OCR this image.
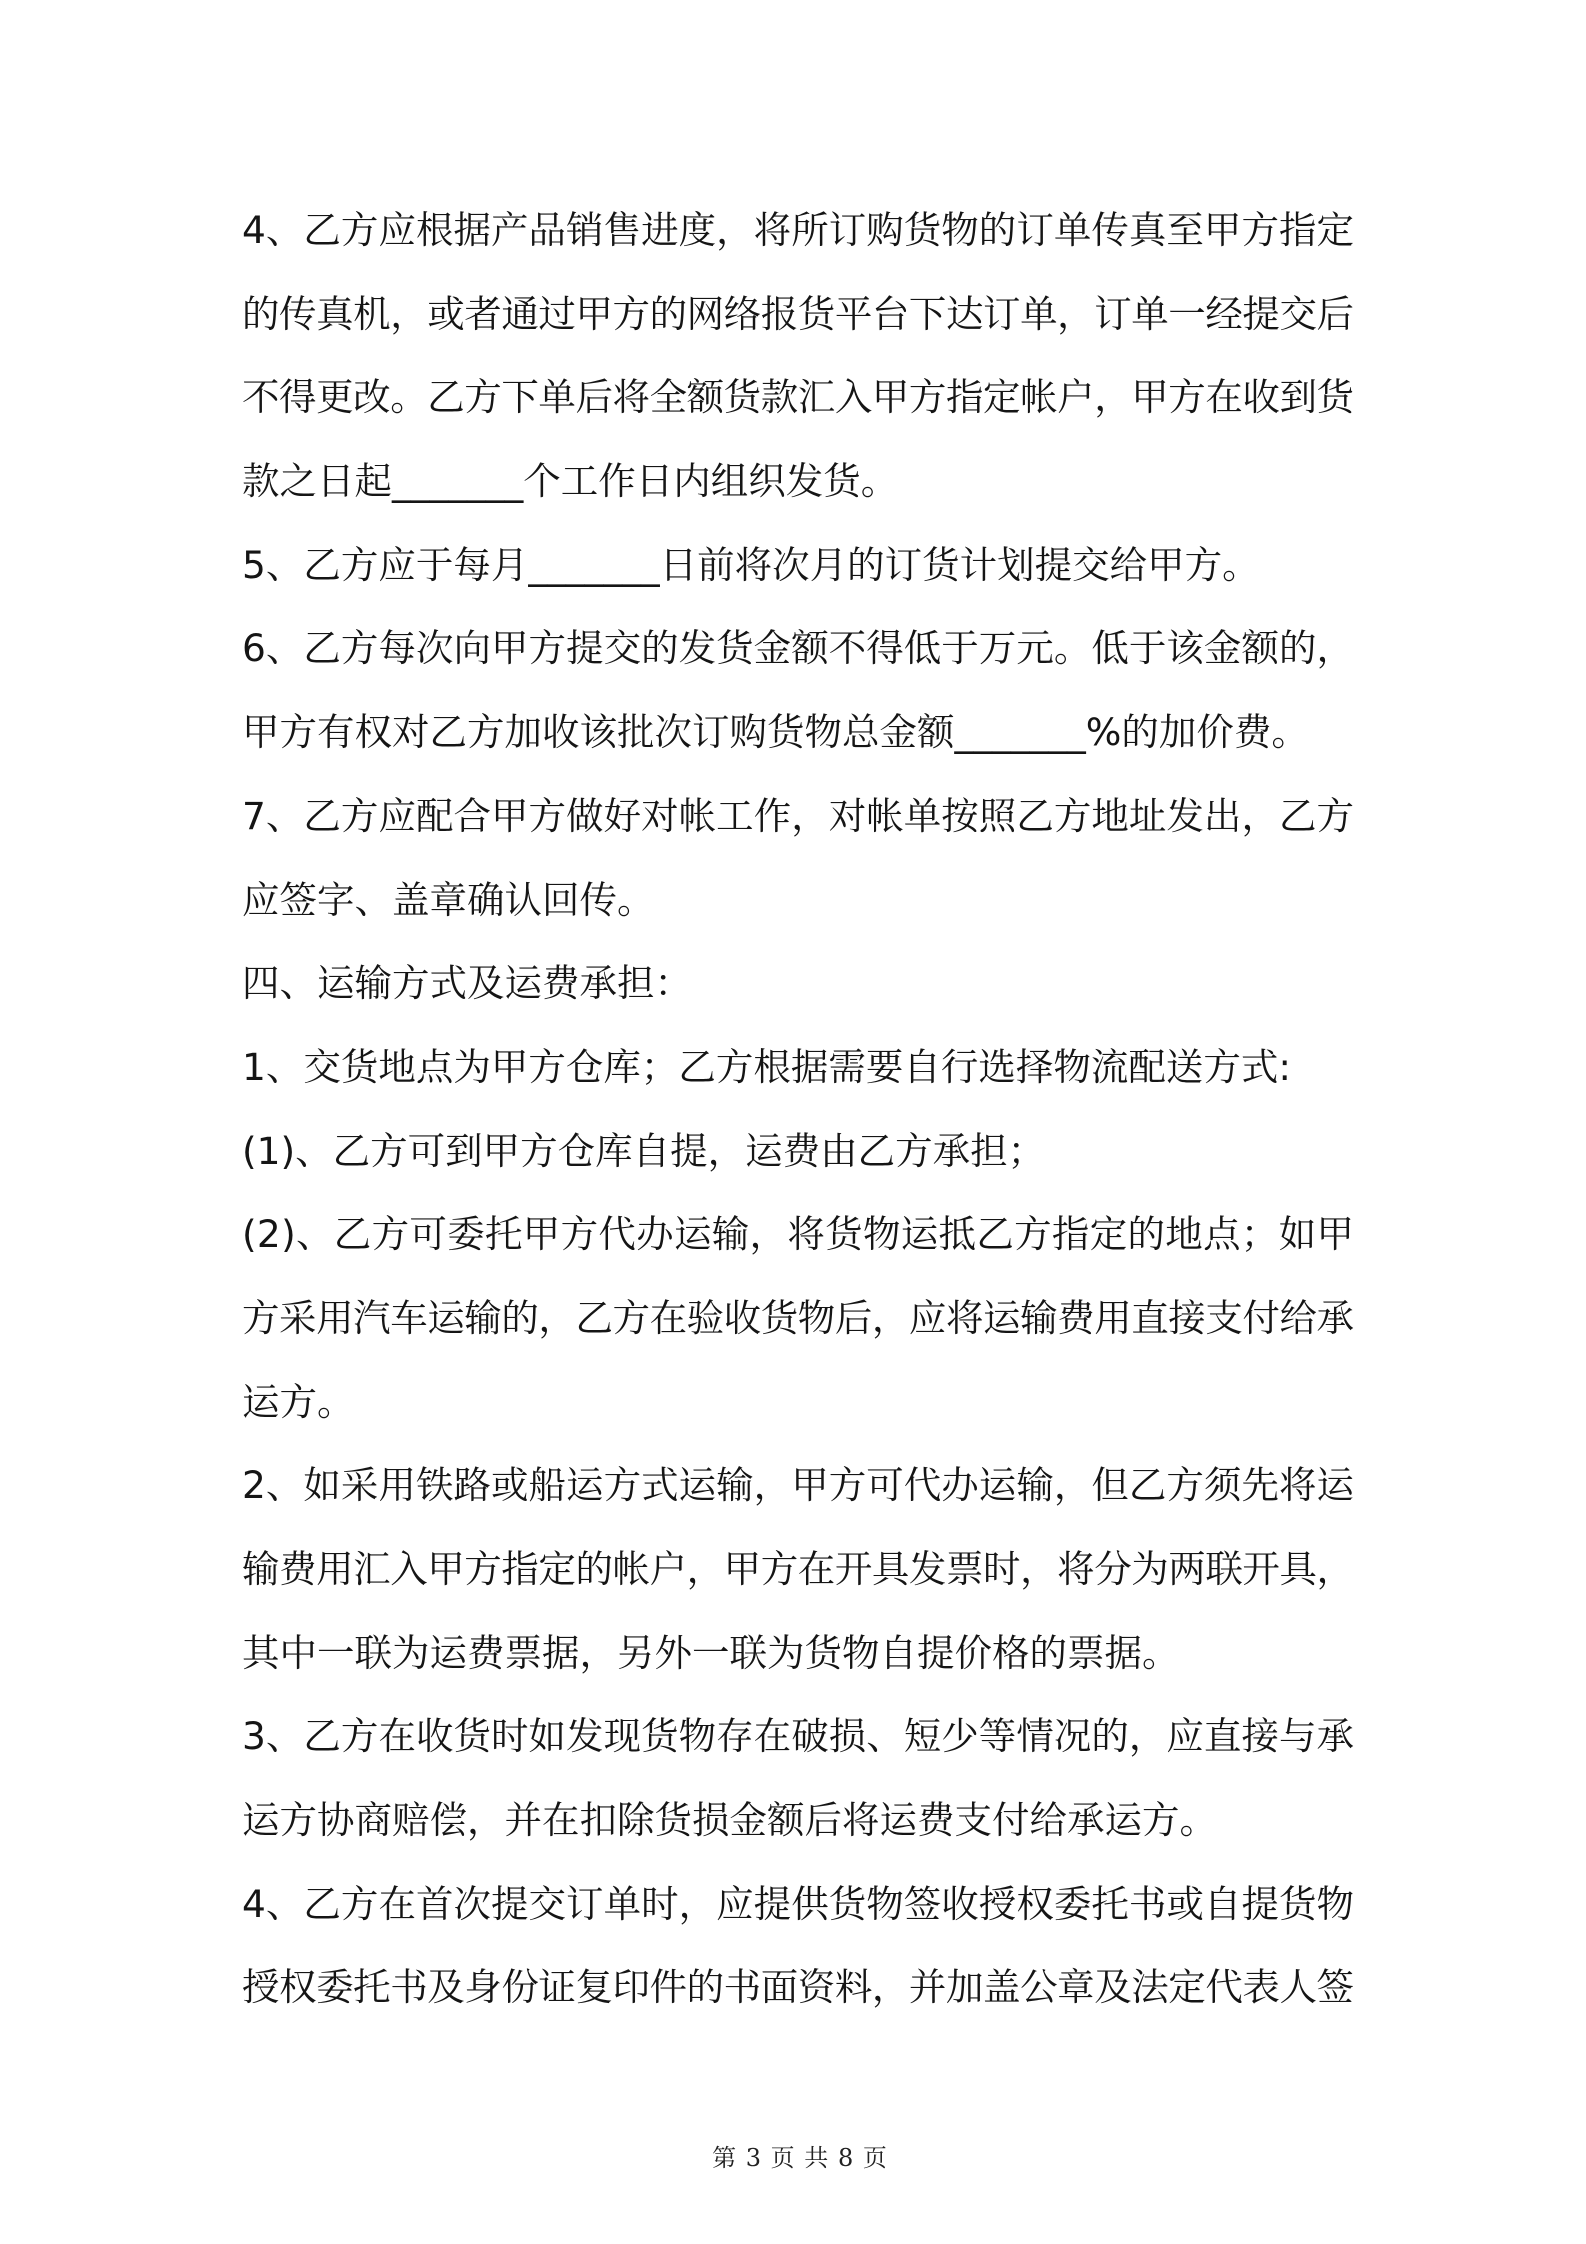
4、乙方应根据产品销售进度，将所订购货物的订单传真至甲方指定
的传真机，或者通过甲方的网络报货平台下达订单，订单一经提交后
不得更改。乙方下单后将全额货款汇入甲方指定帐户，甲方在收到货
款之日起_______个工作日内组织发货。
5、乙方应于每月_______日前将次月的订货计划提交给甲方。
6、乙方每次向甲方提交的发货金额不得低于万元。低于该金额的，
甲方有权对乙方加收该批次订购货物总金额_______%的加价费。
7、乙方应配合甲方做好对帐工作，对帐单按照乙方地址发出，乙方
应签字、盖章确认回传。
四、运输方式及运费承担：
1、交货地点为甲方仓库；乙方根据需要自行选择物流配送方式:
(1)、乙方可到甲方仓库自提，运费由乙方承担；
(2)、乙方可委托甲方代办运输，将货物运抵乙方指定的地点；如甲
方采用汽车运输的，乙方在验收货物后，应将运输费用直接支付给承
运方。
2、如采用铁路或船运方式运输，甲方可代办运输，但乙方须先将运
输费用汇入甲方指定的帐户，甲方在开具发票时，将分为两联开具，
其中一联为运费票据，另外一联为货物自提价格的票据。
3、乙方在收货时如发现货物存在破损、短少等情况的，应直接与承
运方协商赔偿，并在扣除货损金额后将运费支付给承运方。
4、乙方在首次提交订单时，应提供货物签收授权委托书或自提货物
授权委托书及身份证复印件的书面资料，并加盖公章及法定代表人签
第 3 页 共 8 页
